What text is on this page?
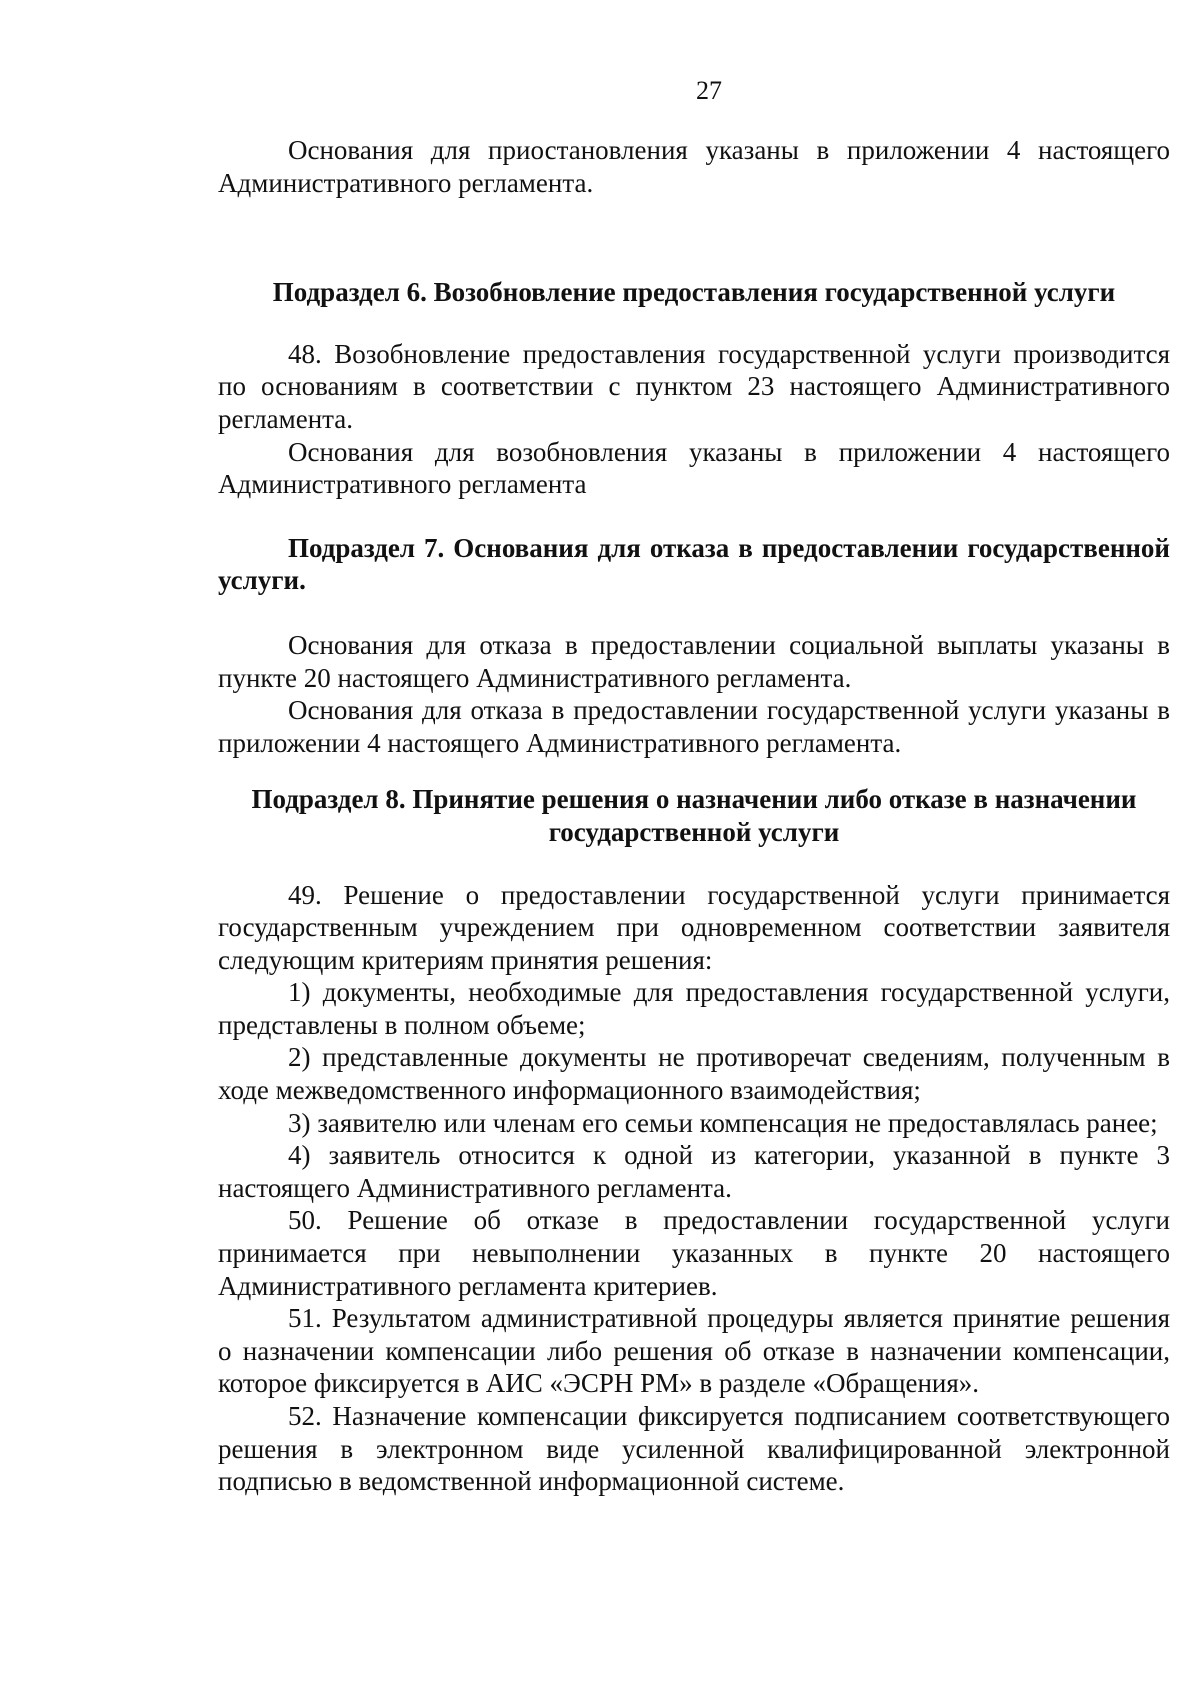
27

Основания для приостановления указаны в приложении 4 настоящего Административного регламента.

Подраздел 6. Возобновление предоставления государственной услуги

48. Возобновление предоставления государственной услуги производится по основаниям в соответствии с пунктом 23 настоящего Административного регламента.

Основания для возобновления указаны в приложении 4 настоящего Административного регламента

Подраздел 7. Основания для отказа в предоставлении государственной услуги.

Основания для отказа в предоставлении социальной выплаты указаны в пункте 20 настоящего Административного регламента.

Основания для отказа в предоставлении государственной услуги указаны в приложении 4 настоящего Административного регламента.

Подраздел 8. Принятие решения о назначении либо отказе в назначении государственной услуги

49. Решение о предоставлении государственной услуги принимается государственным учреждением при одновременном соответствии заявителя следующим критериям принятия решения:

1) документы, необходимые для предоставления государственной услуги, представлены в полном объеме;

2) представленные документы не противоречат сведениям, полученным в ходе межведомственного информационного взаимодействия;

3) заявителю или членам его семьи компенсация не предоставлялась ранее;

4) заявитель относится к одной из категории, указанной в пункте 3 настоящего Административного регламента.

50. Решение об отказе в предоставлении государственной услуги принимается при невыполнении указанных в пункте 20 настоящего Административного регламента критериев.

51. Результатом административной процедуры является принятие решения о назначении компенсации либо решения об отказе в назначении компенсации, которое фиксируется в АИС «ЭСРН РМ» в разделе «Обращения».

52. Назначение компенсации фиксируется подписанием соответствующего решения в электронном виде усиленной квалифицированной электронной подписью в ведомственной информационной системе.
